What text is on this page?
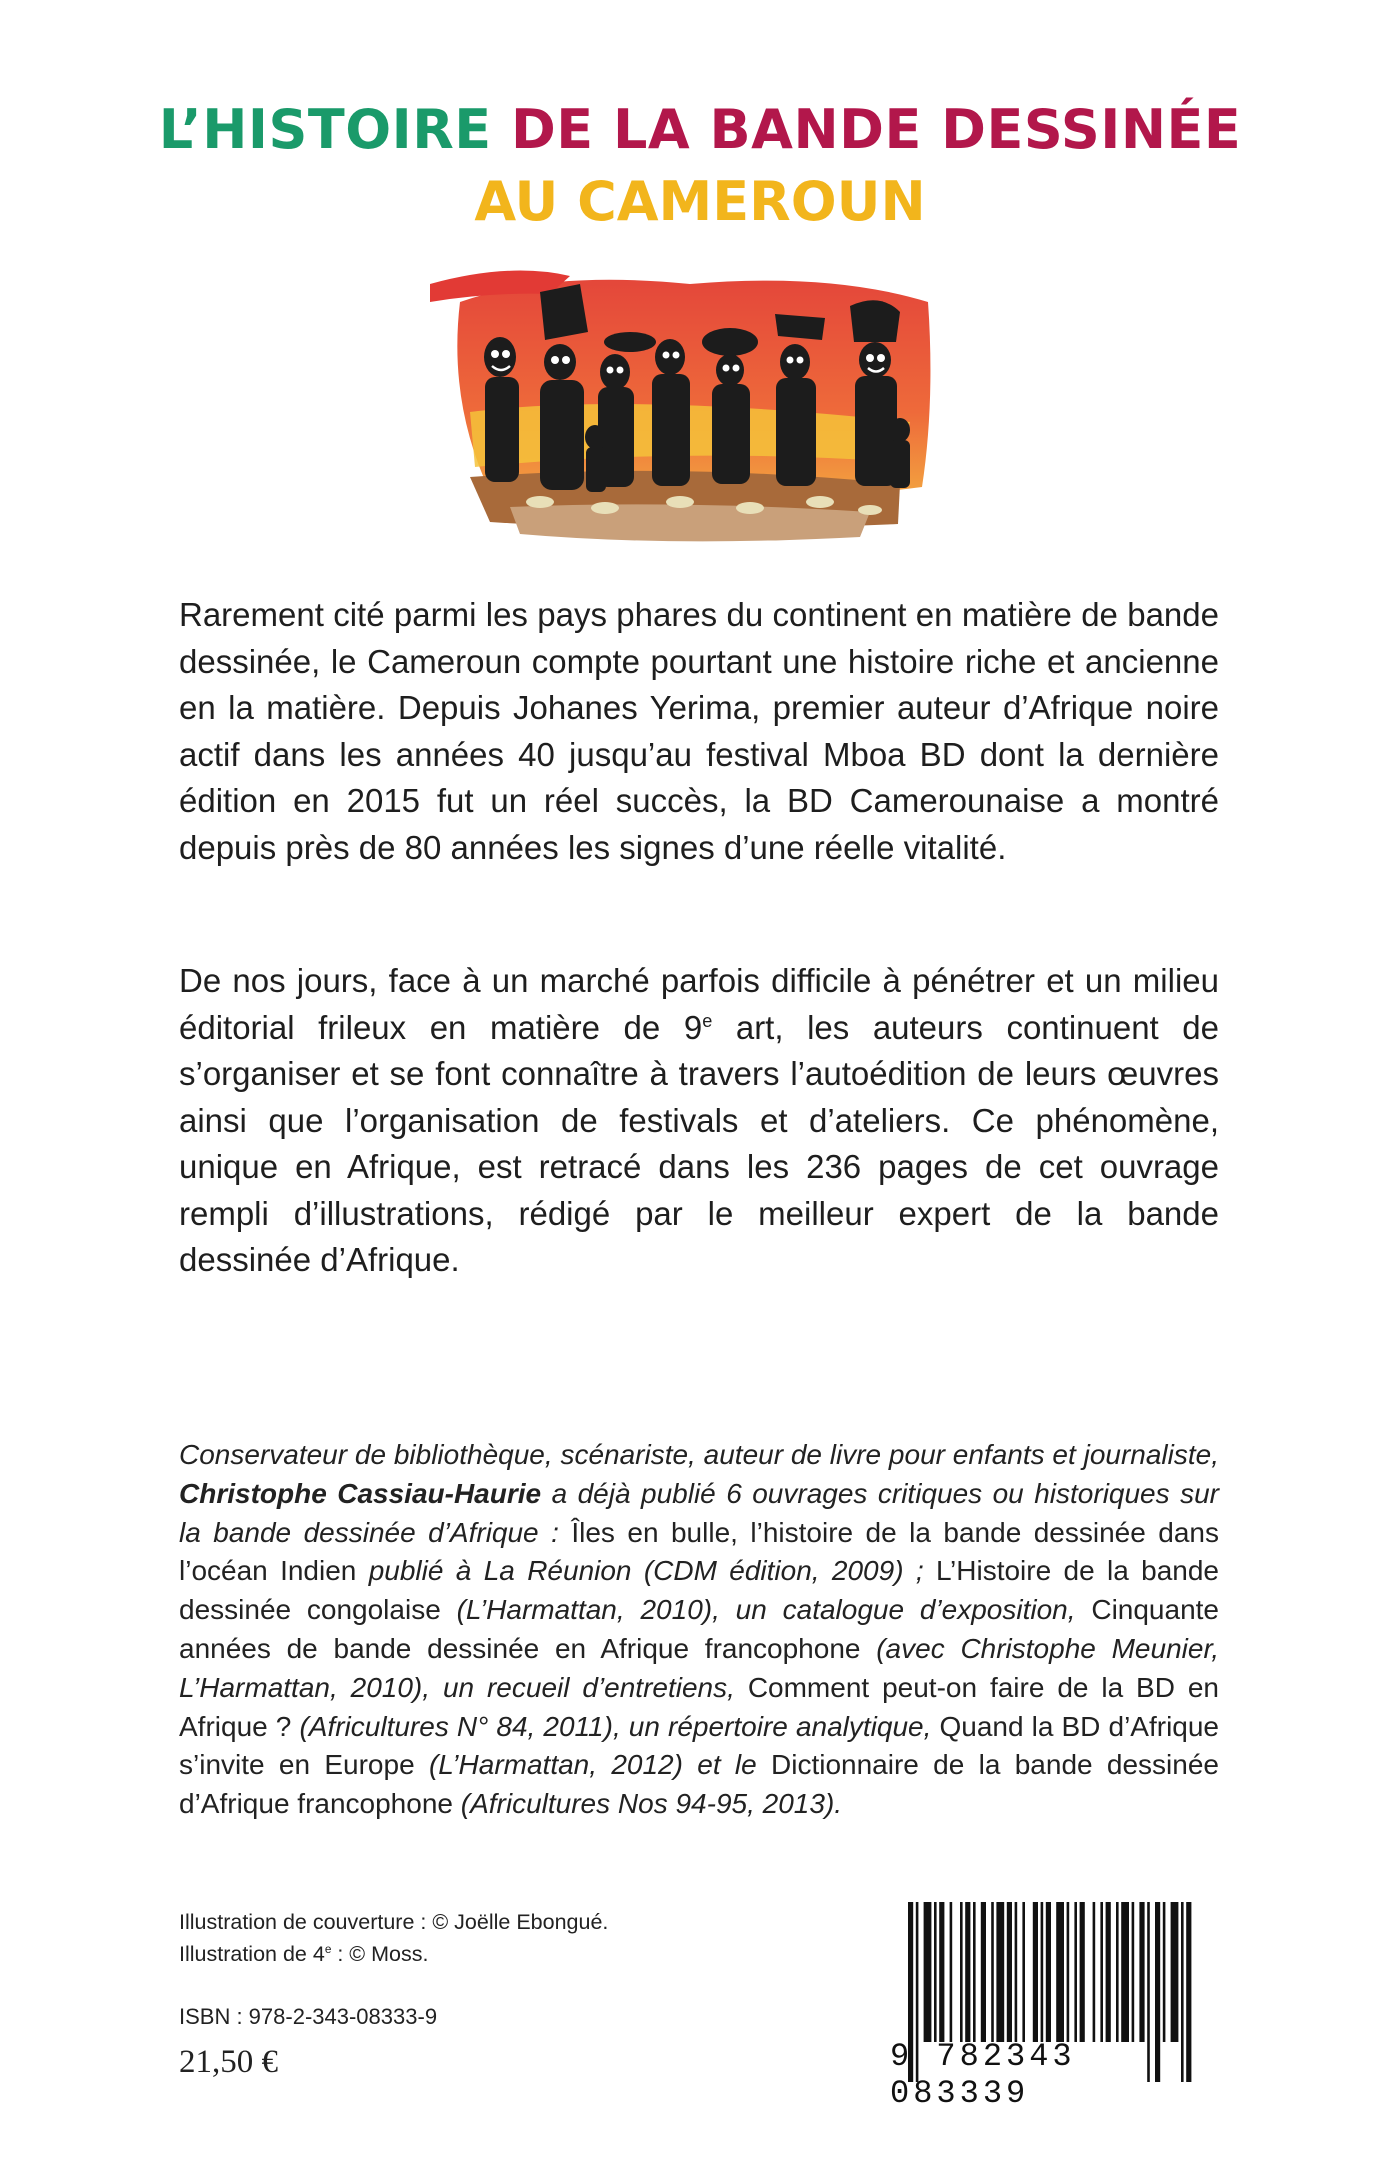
L’HISTOIRE DE LA BANDE DESSINÉE
AU CAMEROUN

Rarement cité parmi les pays phares du continent en matière de bande dessinée, le Cameroun compte pourtant une histoire riche et ancienne en la matière. Depuis Johanes Yerima, premier auteur d’Afrique noire actif dans les années 40 jusqu’au festival Mboa BD dont la dernière édition en 2015 fut un réel succès, la BD Camerounaise a montré depuis près de 80 années les signes d’une réelle vitalité.

De nos jours, face à un marché parfois difficile à pénétrer et un milieu éditorial frileux en matière de 9e art, les auteurs continuent de s’organiser et se font connaître à travers l’autoédition de leurs œuvres ainsi que l’organisation de festivals et d’ateliers. Ce phénomène, unique en Afrique, est retracé dans les 236 pages de cet ouvrage rempli d’illustrations, rédigé par le meilleur expert de la bande dessinée d’Afrique.

Conservateur de bibliothèque, scénariste, auteur de livre pour enfants et journaliste, Christophe Cassiau-Haurie a déjà publié 6 ouvrages critiques ou historiques sur la bande dessinée d’Afrique : Îles en bulle, l’histoire de la bande dessinée dans l’océan Indien publié à La Réunion (CDM édition, 2009) ; L’Histoire de la bande dessinée congolaise (L’Harmattan, 2010), un catalogue d’exposition, Cinquante années de bande dessinée en Afrique francophone (avec Christophe Meunier, L’Harmattan, 2010), un recueil d’entretiens, Comment peut-on faire de la BD en Afrique ? (Africultures N° 84, 2011), un répertoire analytique, Quand la BD d’Afrique s’invite en Europe (L’Harmattan, 2012) et le Dictionnaire de la bande dessinée d’Afrique francophone (Africultures Nos 94-95, 2013).

Illustration de couverture : © Joëlle Ebongué.
Illustration de 4e : © Moss.
ISBN : 978-2-343-08333-9
21,50 €	9 782343 083339
